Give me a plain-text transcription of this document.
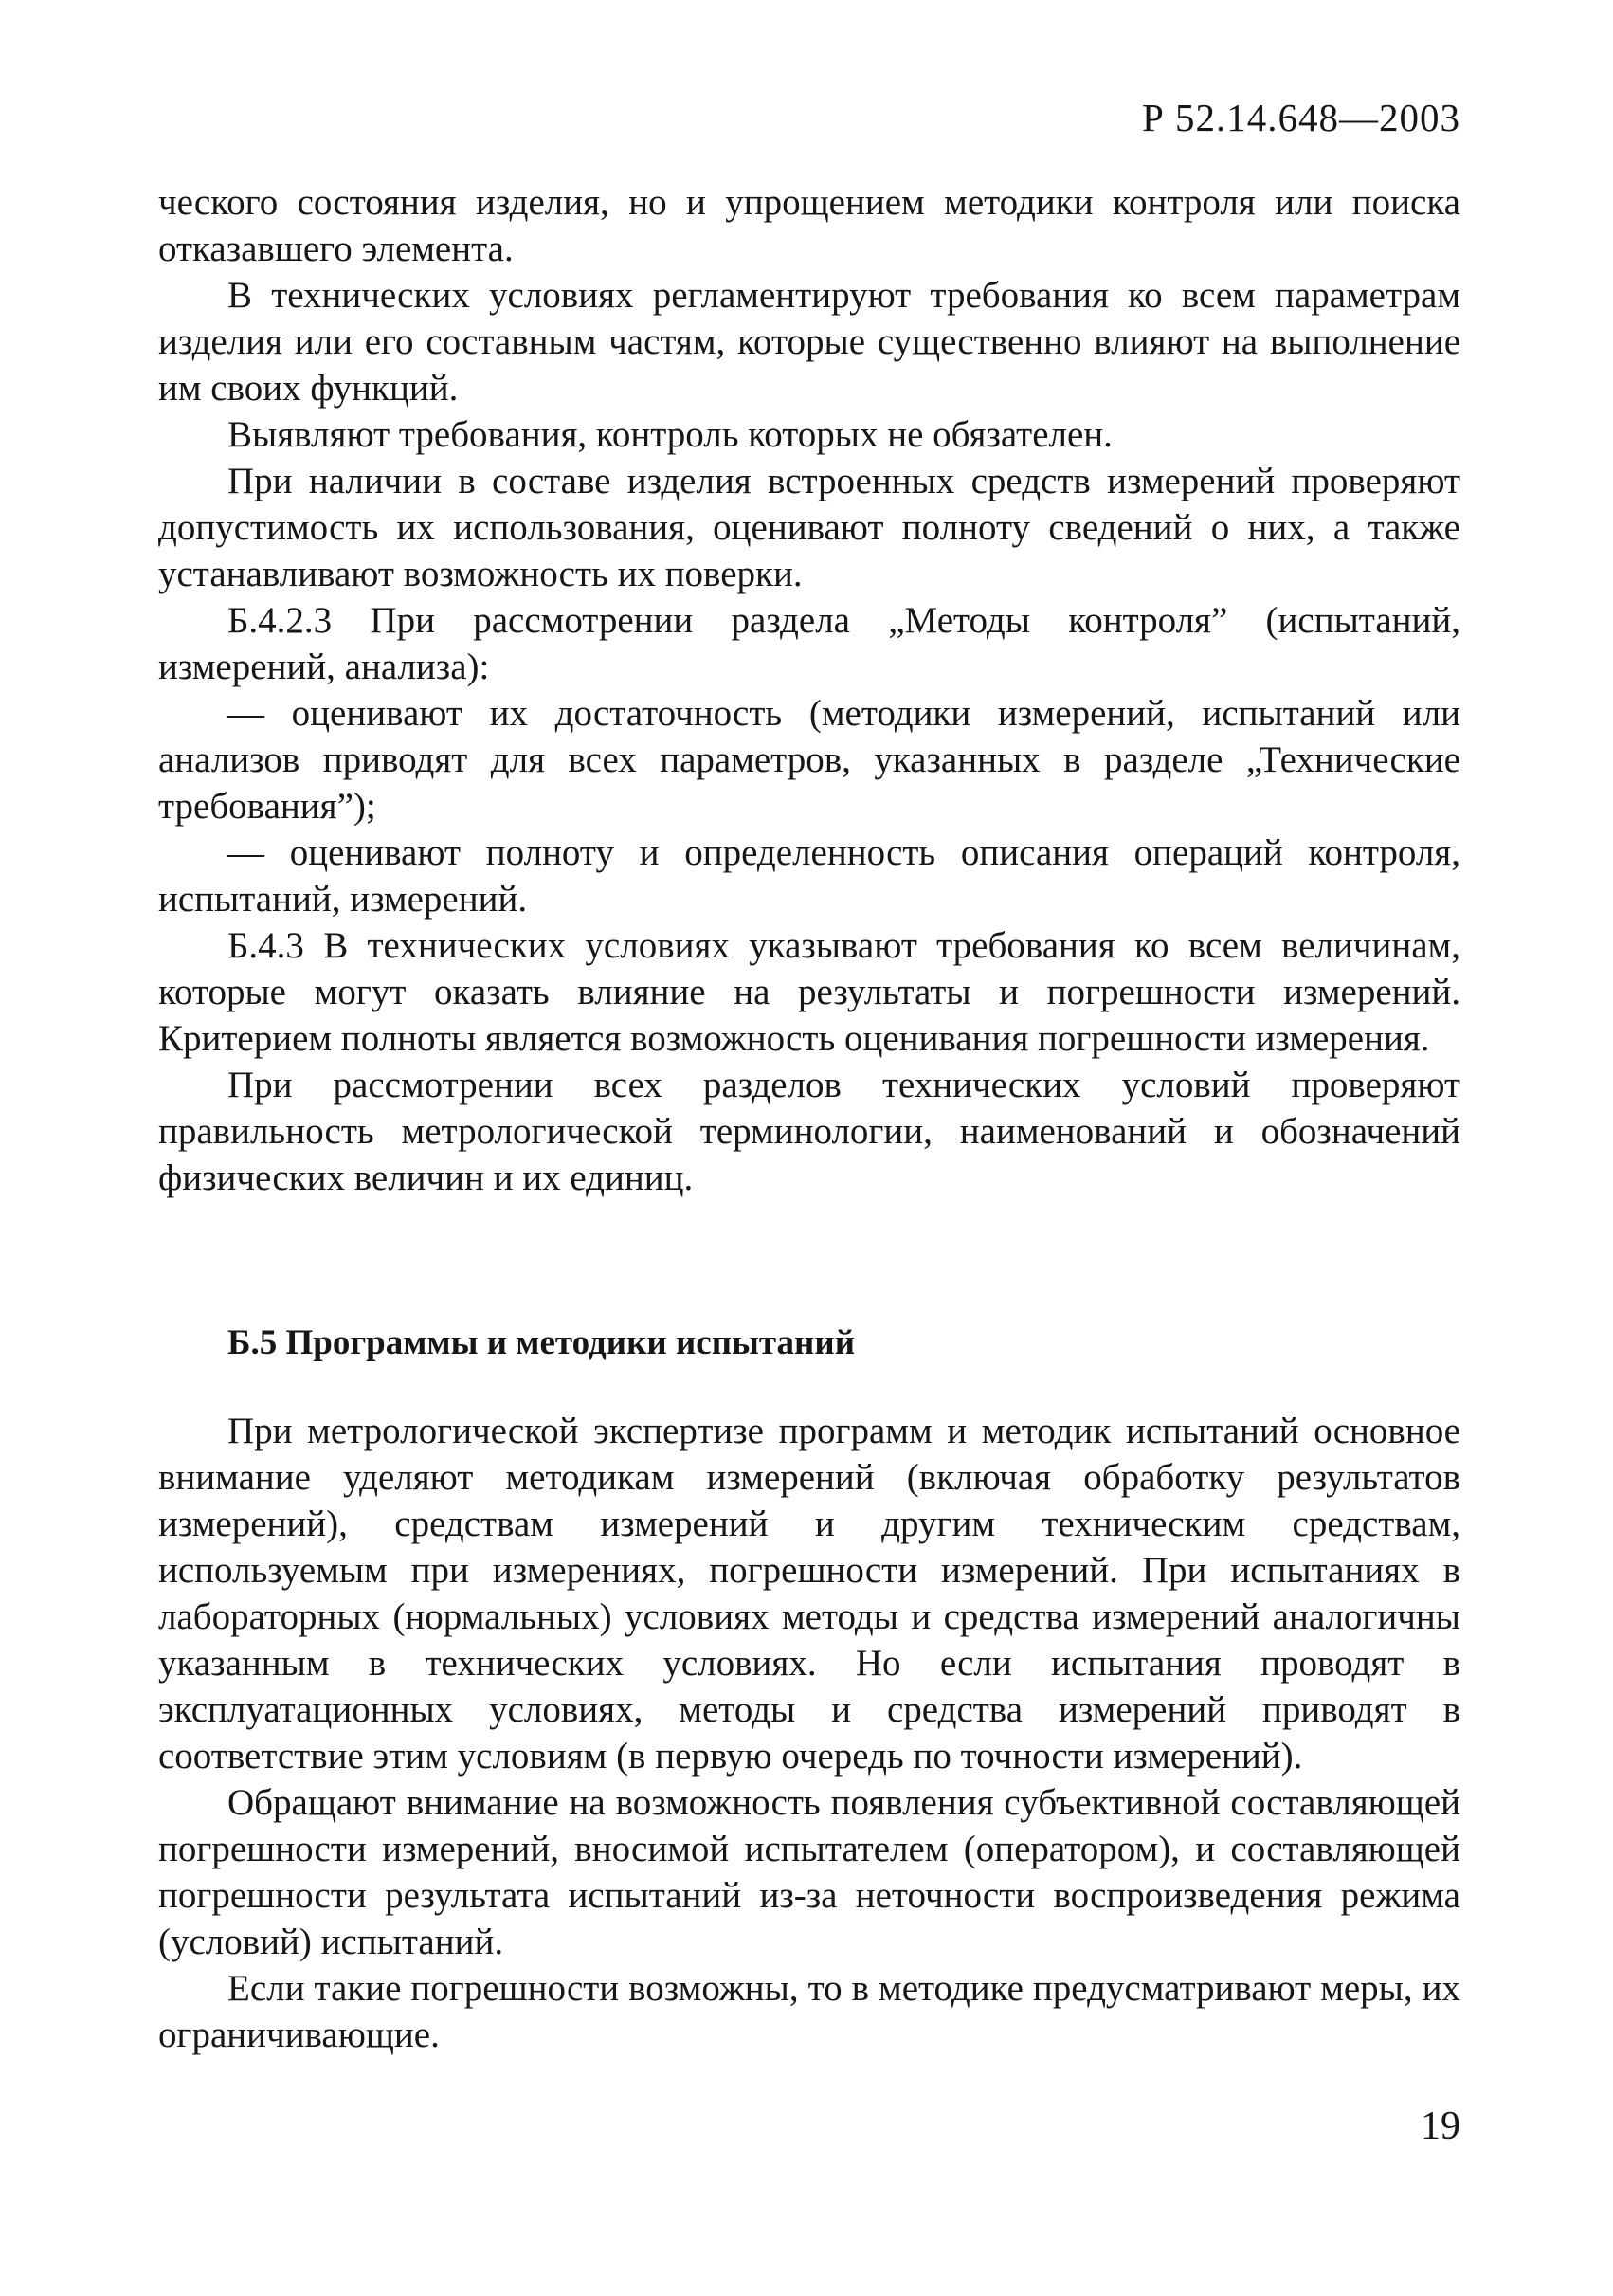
Р 52.14.648—2003

ческого состояния изделия, но и упрощением методики контроля или поиска отказавшего элемента.

В технических условиях регламентируют требования ко всем параметрам изделия или его составным частям, которые существенно влияют на выполнение им своих функций.

Выявляют требования, контроль которых не обязателен.

При наличии в составе изделия встроенных средств измерений проверяют допустимость их использования, оценивают полноту сведений о них, а также устанавливают возможность их поверки.

Б.4.2.3 При рассмотрении раздела „Методы контроля” (испытаний, измерений, анализа):

— оценивают их достаточность (методики измерений, испытаний или анализов приводят для всех параметров, указанных в разделе „Технические требования”);

— оценивают полноту и определенность описания операций контроля, испытаний, измерений.

Б.4.3 В технических условиях указывают требования ко всем величинам, которые могут оказать влияние на результаты и погрешности измерений. Критерием полноты является возможность оценивания погрешности измерения.

При рассмотрении всех разделов технических условий проверяют правильность метрологической терминологии, наименований и обозначений физических величин и их единиц.

Б.5 Программы и методики испытаний

При метрологической экспертизе программ и методик испытаний основное внимание уделяют методикам измерений (включая обработку результатов измерений), средствам измерений и другим техническим средствам, используемым при измерениях, погрешности измерений. При испытаниях в лабораторных (нормальных) условиях методы и средства измерений аналогичны указанным в технических условиях. Но если испытания проводят в эксплуатационных условиях, методы и средства измерений приводят в соответствие этим условиям (в первую очередь по точности измерений).

Обращают внимание на возможность появления субъективной составляющей погрешности измерений, вносимой испытателем (оператором), и составляющей погрешности результата испытаний из-за неточности воспроизведения режима (условий) испытаний.

Если такие погрешности возможны, то в методике предусматривают меры, их ограничивающие.

19
